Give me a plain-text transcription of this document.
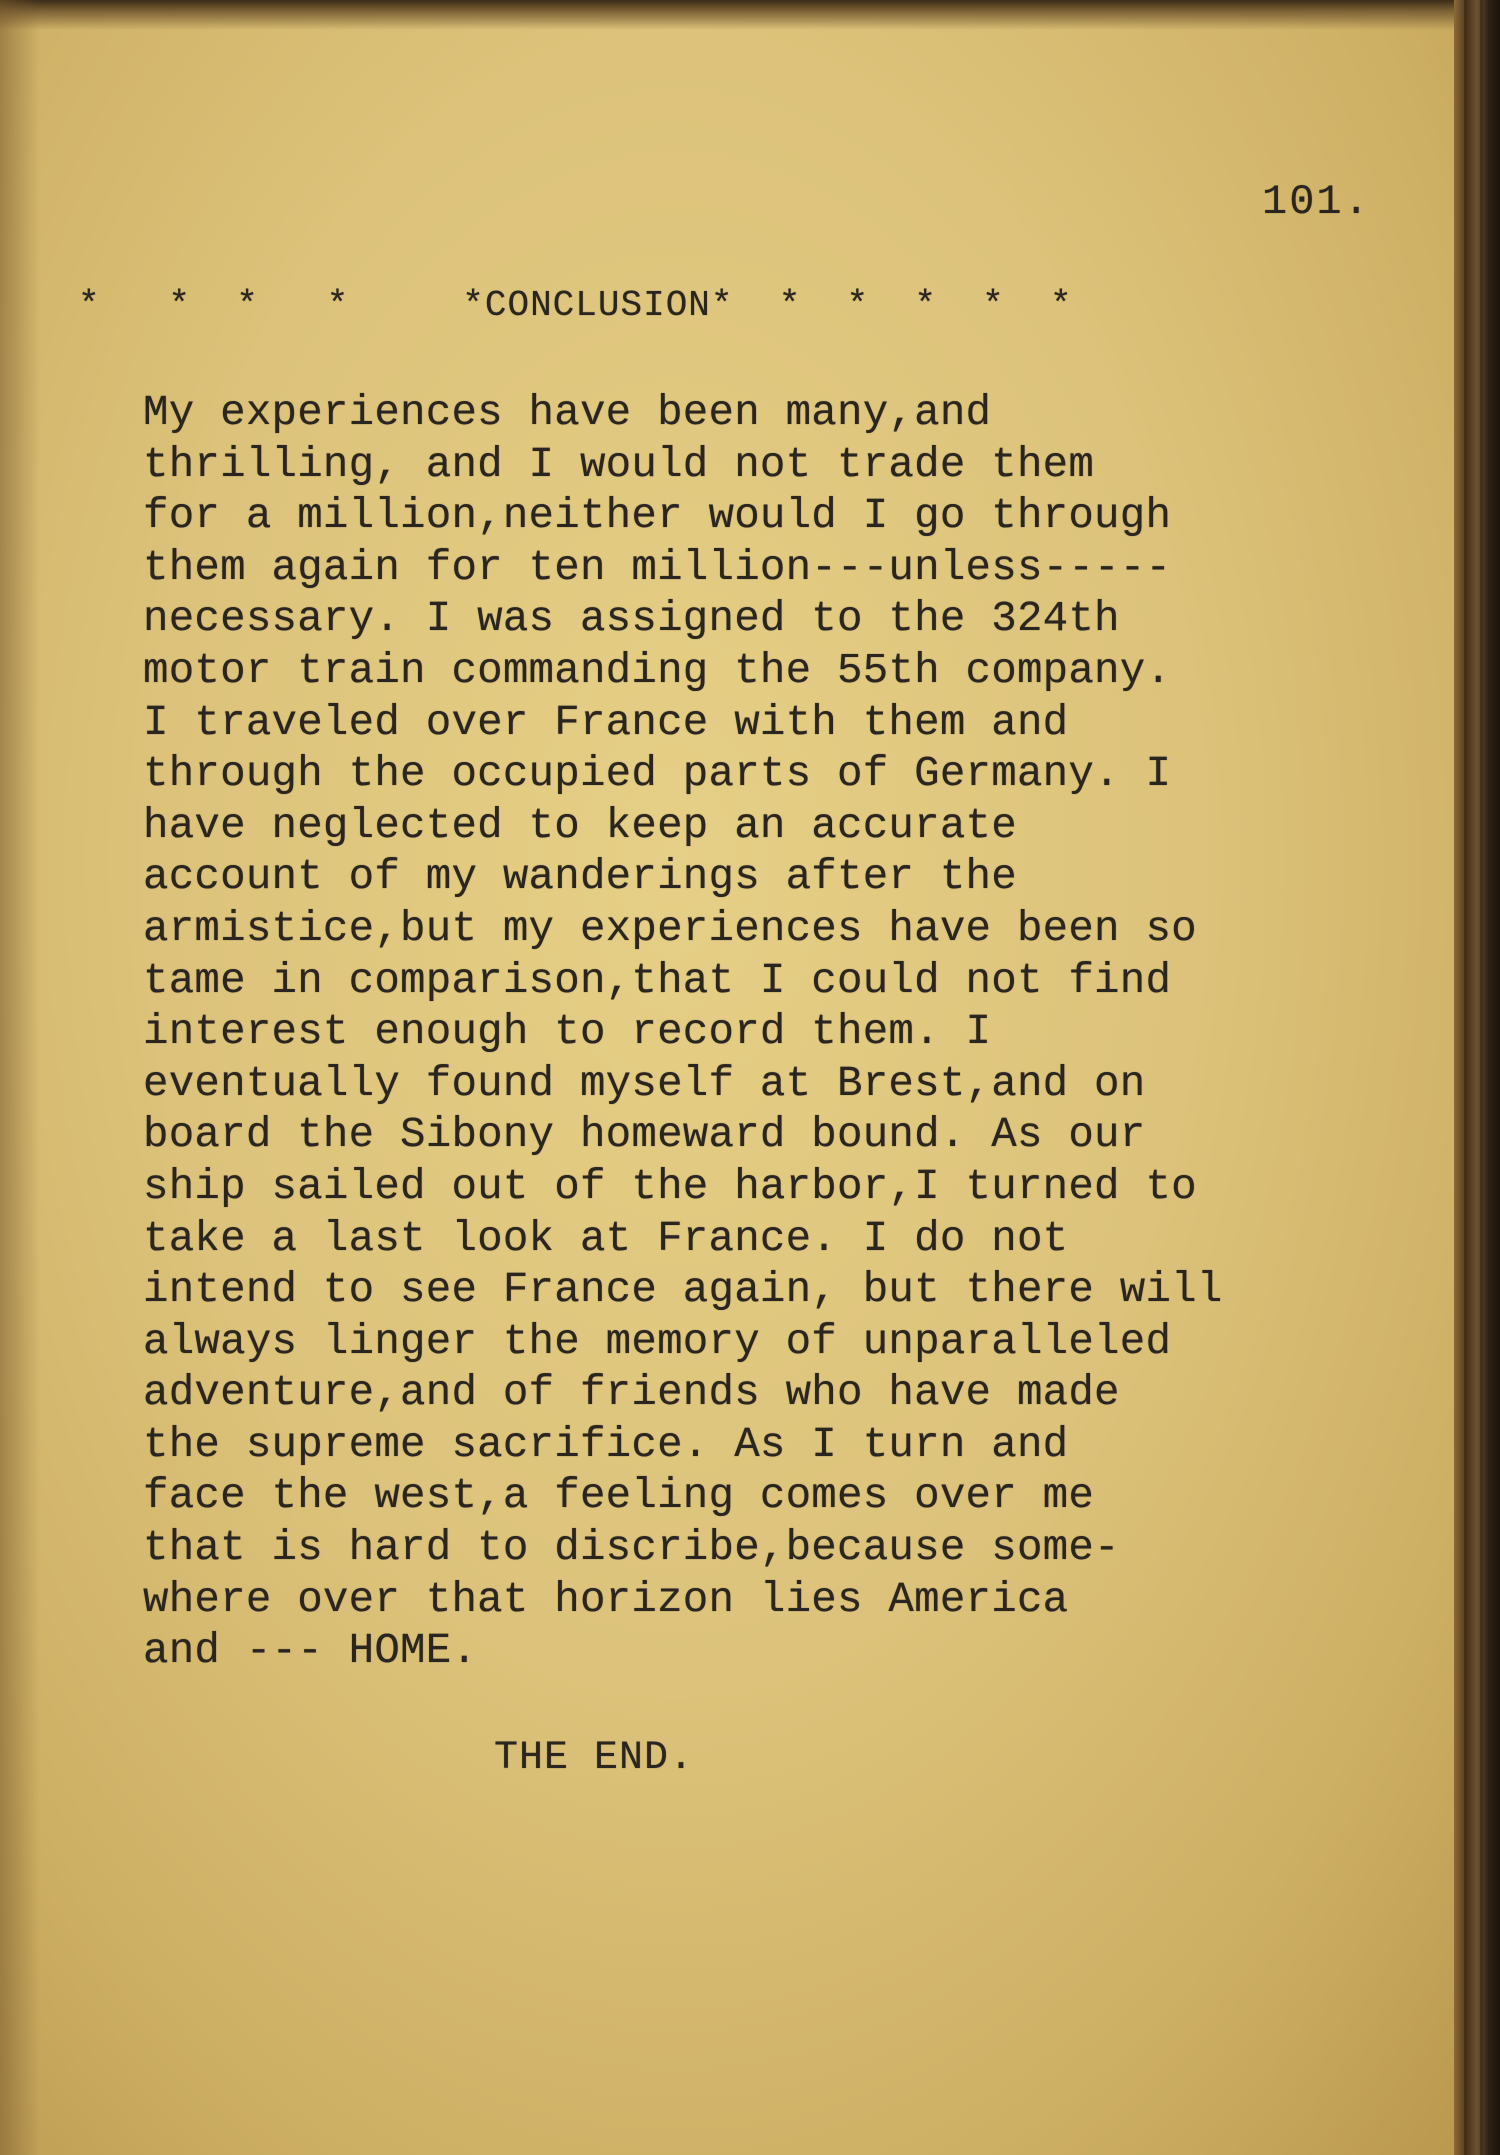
101.
*   *  *   *     *CONCLUSION*  *  *  *  *  *
My experiences have been many,and
thrilling, and I would not trade them
for a million,neither would I go through
them again for ten million---unless-----
necessary. I was assigned to the 324th
motor train commanding the 55th company.
I traveled over France with them and
through the occupied parts of Germany. I
have neglected to keep an accurate
account of my wanderings after the
armistice,but my experiences have been so
tame in comparison,that I could not find
interest enough to record them. I
eventually found myself at Brest,and on
board the Sibony homeward bound. As our
ship sailed out of the harbor,I turned to
take a last look at France. I do not
intend to see France again, but there will
always linger the memory of unparalleled
adventure,and of friends who have made
the supreme sacrifice. As I turn and
face the west,a feeling comes over me
that is hard to discribe,because some-
where over that horizon lies America
and --- HOME.
THE END.
